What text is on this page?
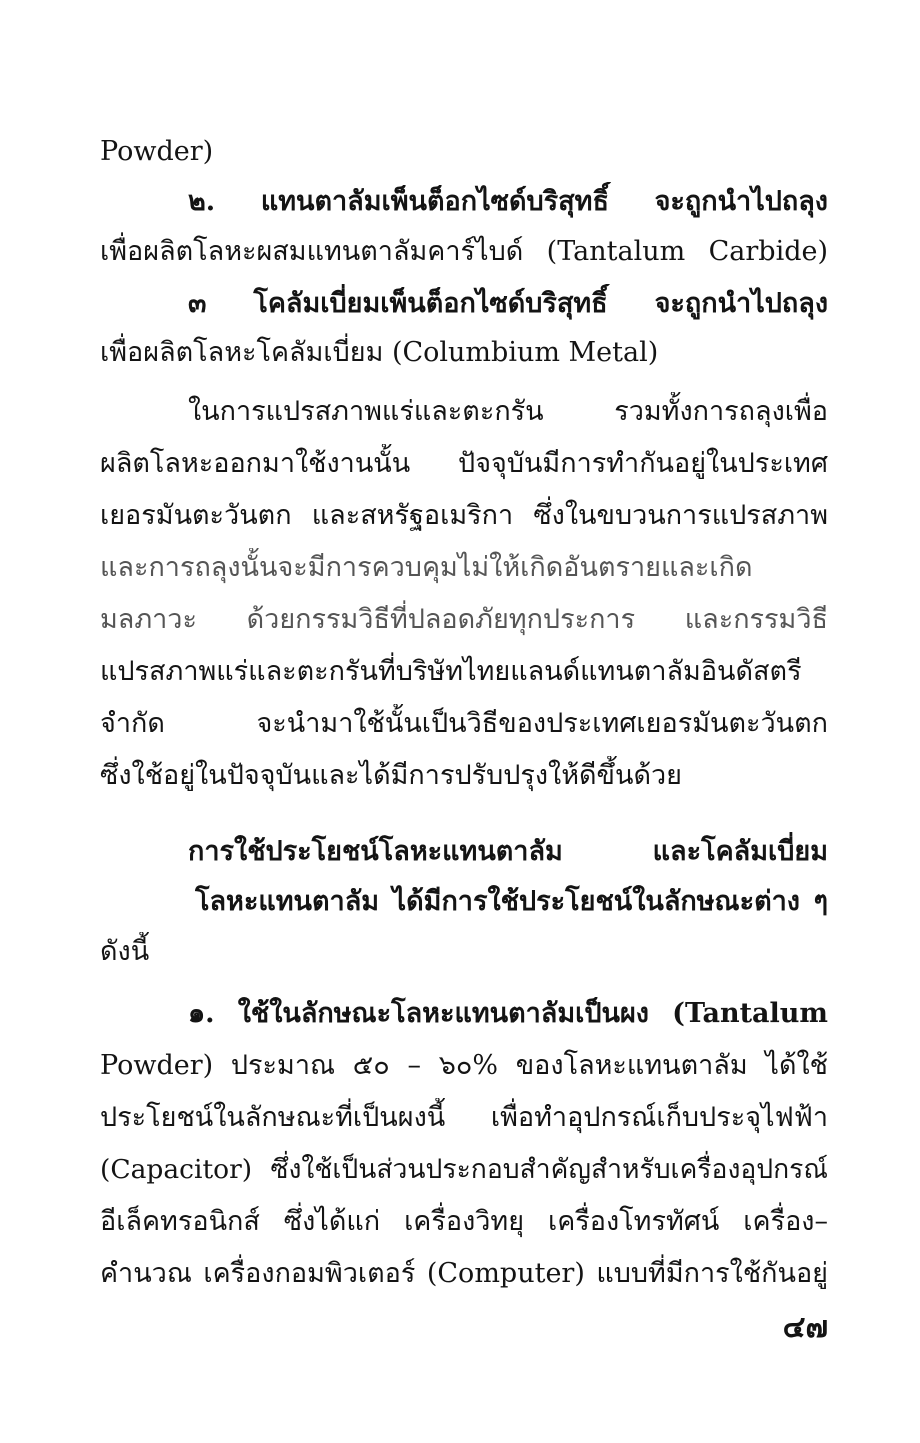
Powder)
๒. แทนตาลัมเพ็นต็อกไซด์บริสุทธิ์ จะถูกนำไปถลุง
เพื่อผลิตโลหะผสมแทนตาลัมคาร์ไบด์ (Tantalum Carbide)
๓ โคลัมเบี่ยมเพ็นต็อกไซด์บริสุทธิ์ จะถูกนำไปถลุง
เพื่อผลิตโลหะโคลัมเบี่ยม (Columbium Metal)
ในการแปรสภาพแร่และตะกรัน รวมทั้งการถลุงเพื่อ
ผลิตโลหะออกมาใช้งานนั้น ปัจจุบันมีการทำกันอยู่ในประเทศ
เยอรมันตะวันตก และสหรัฐอเมริกา ซึ่งในขบวนการแปรสภาพ
และการถลุงนั้นจะมีการควบคุมไม่ให้เกิดอันตรายและเกิด
มลภาวะ ด้วยกรรมวิธีที่ปลอดภัยทุกประการ และกรรมวิธี
แปรสภาพแร่และตะกรันที่บริษัทไทยแลนด์แทนตาลัมอินดัสตรี
จำกัด จะนำมาใช้นั้นเป็นวิธีของประเทศเยอรมันตะวันตก
ซึ่งใช้อยู่ในปัจจุบันและได้มีการปรับปรุงให้ดีขึ้นด้วย
การใช้ประโยชน์โลหะแทนตาลัม และโคลัมเบี่ยม
โลหะแทนตาลัม ได้มีการใช้ประโยชน์ในลักษณะต่าง ๆ
ดังนี้
๑. ใช้ในลักษณะโลหะแทนตาลัมเป็นผง (Tantalum
Powder) ประมาณ ๕๐ – ๖๐% ของโลหะแทนตาลัม ได้ใช้
ประโยชน์ในลักษณะที่เป็นผงนี้ เพื่อทำอุปกรณ์เก็บประจุไฟฟ้า
(Capacitor) ซึ่งใช้เป็นส่วนประกอบสำคัญสำหรับเครื่องอุปกรณ์
อีเล็คทรอนิกส์ ซึ่งได้แก่ เครื่องวิทยุ เครื่องโทรทัศน์ เครื่อง–
คำนวณ เครื่องกอมพิวเตอร์ (Computer) แบบที่มีการใช้กันอยู่
๔๗
